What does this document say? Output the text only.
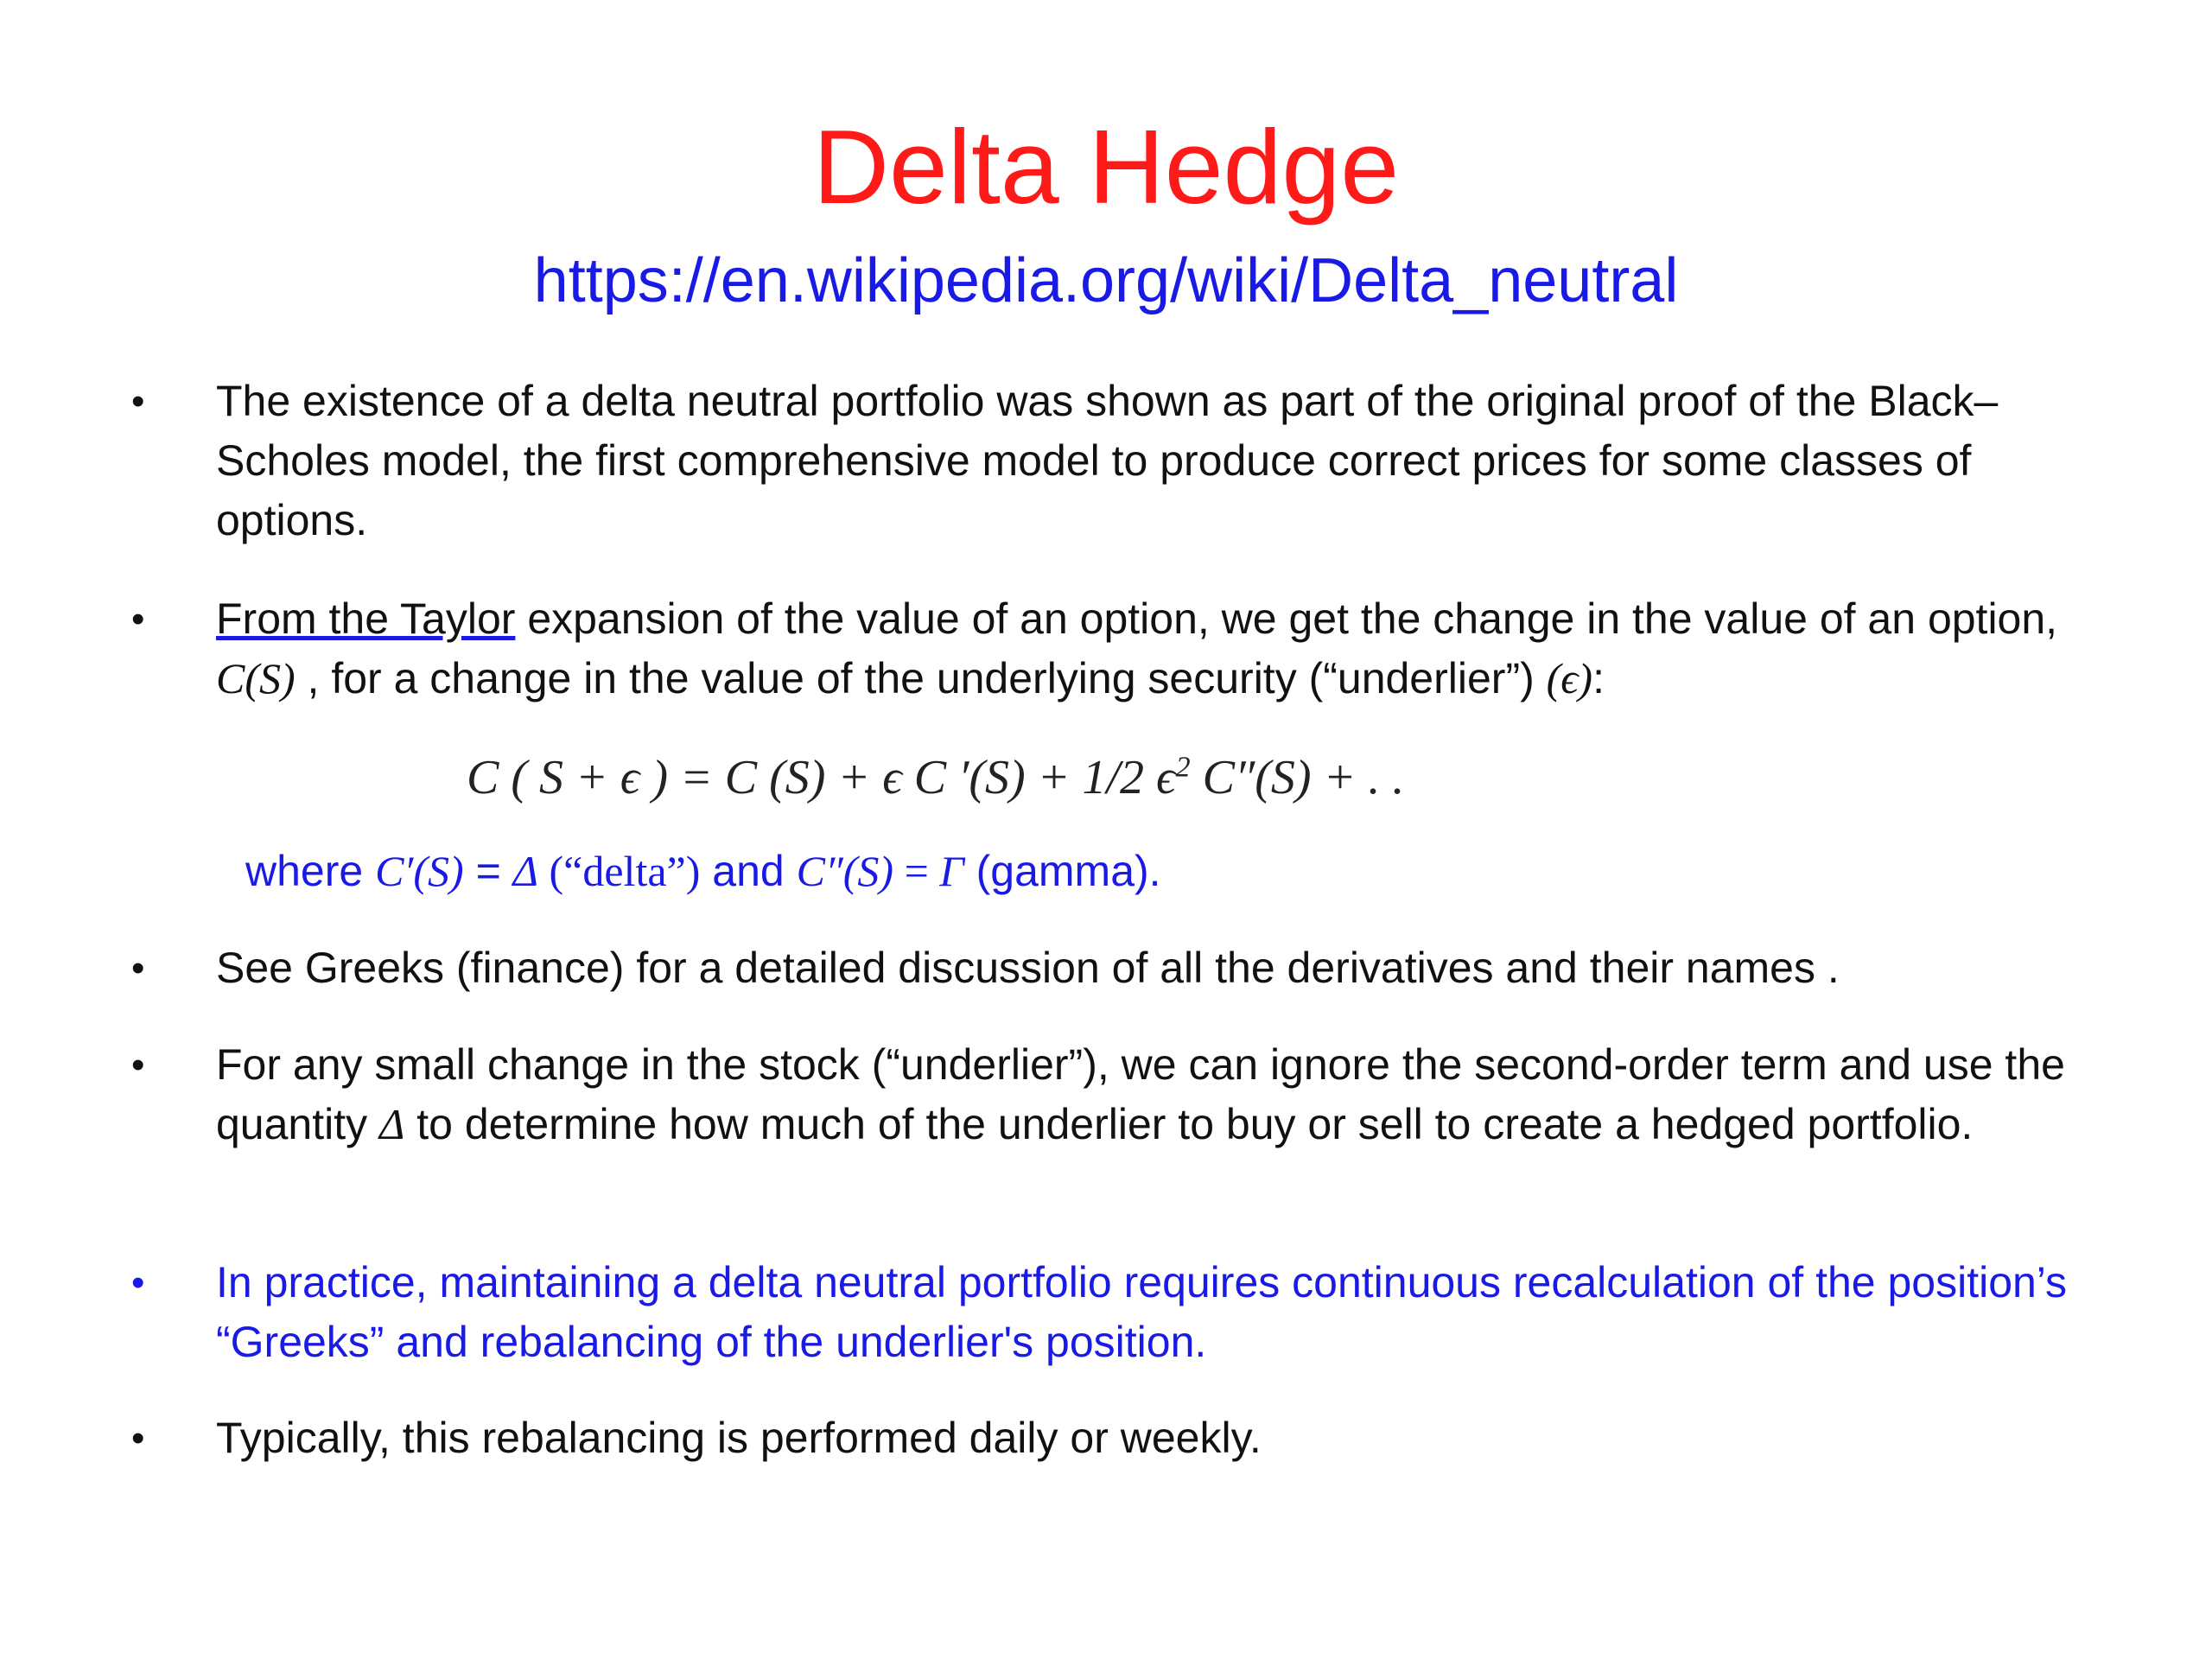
Delta Hedge
https://en.wikipedia.org/wiki/Delta_neutral
• The existence of a delta neutral portfolio was shown as part of the original proof of the Black–Scholes model, the first comprehensive model to produce correct prices for some classes of options.
• From the Taylor expansion of the value of an option, we get the change in the value of an option, C(S) , for a change in the value of the underlying security (“underlier”) (ϵ):
C ( S + ϵ ) = C (S) + ϵ C ′(S) + 1/2 $\epsilon^2$ C″(S) + . .
where C′(S) = Δ (“delta”) and C″(S) = Γ (gamma).
• See Greeks (finance) for a detailed discussion of all the derivatives and their names .
• For any small change in the stock (“underlier”), we can ignore the second-order term and use the quantity Δ to determine how much of the underlier to buy or sell to create a hedged portfolio.
• In practice, maintaining a delta neutral portfolio requires continuous recalculation of the position’s “Greeks” and rebalancing of the underlier's position.
• Typically, this rebalancing is performed daily or weekly.
